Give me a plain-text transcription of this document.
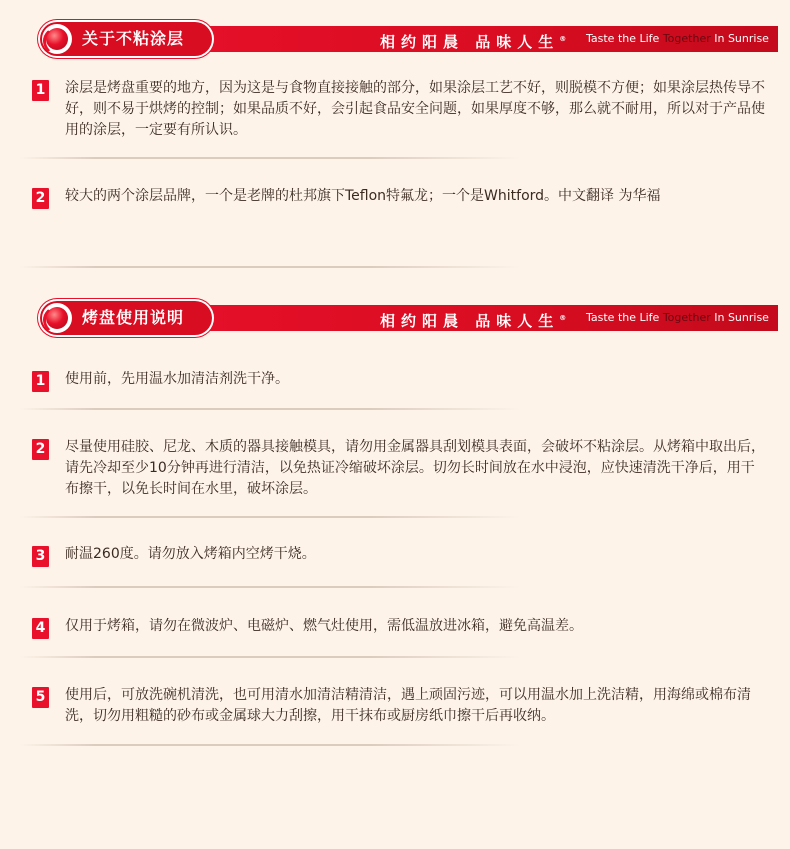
关于不粘涂层	相约阳晨 品味人生® Taste the Life Together In Sunrise
1 涂层是烤盘重要的地方，因为这是与食物直接接触的部分，如果涂层工艺不好，则脱模不方便；如果涂层热传导不好，则不易于烘烤的控制；如果品质不好，会引起食品安全问题，如果厚度不够，那么就不耐用，所以对于产品使用的涂层，一定要有所认识。
2 较大的两个涂层品牌，一个是老牌的杜邦旗下Teflon特氟龙；一个是Whitford。中文翻译 为华福
烤盘使用说明	相约阳晨 品味人生® Taste the Life Together In Sunrise
1 使用前，先用温水加清洁剂洗干净。
2 尽量使用硅胶、尼龙、木质的器具接触模具，请勿用金属器具刮划模具表面，会破坏不粘涂层。从烤箱中取出后，请先冷却至少10分钟再进行清洁，以免热证冷缩破坏涂层。切勿长时间放在水中浸泡，应快速清洗干净后，用干布擦干，以免长时间在水里，破坏涂层。
3 耐温260度。请勿放入烤箱内空烤干烧。
4 仅用于烤箱，请勿在微波炉、电磁炉、燃气灶使用，需低温放进冰箱，避免高温差。
5 使用后，可放洗碗机清洗，也可用清水加清洁精清洁，遇上顽固污迹，可以用温水加上洗洁精，用海绵或棉布清洗，切勿用粗糙的砂布或金属球大力刮擦，用干抹布或厨房纸巾擦干后再收纳。
